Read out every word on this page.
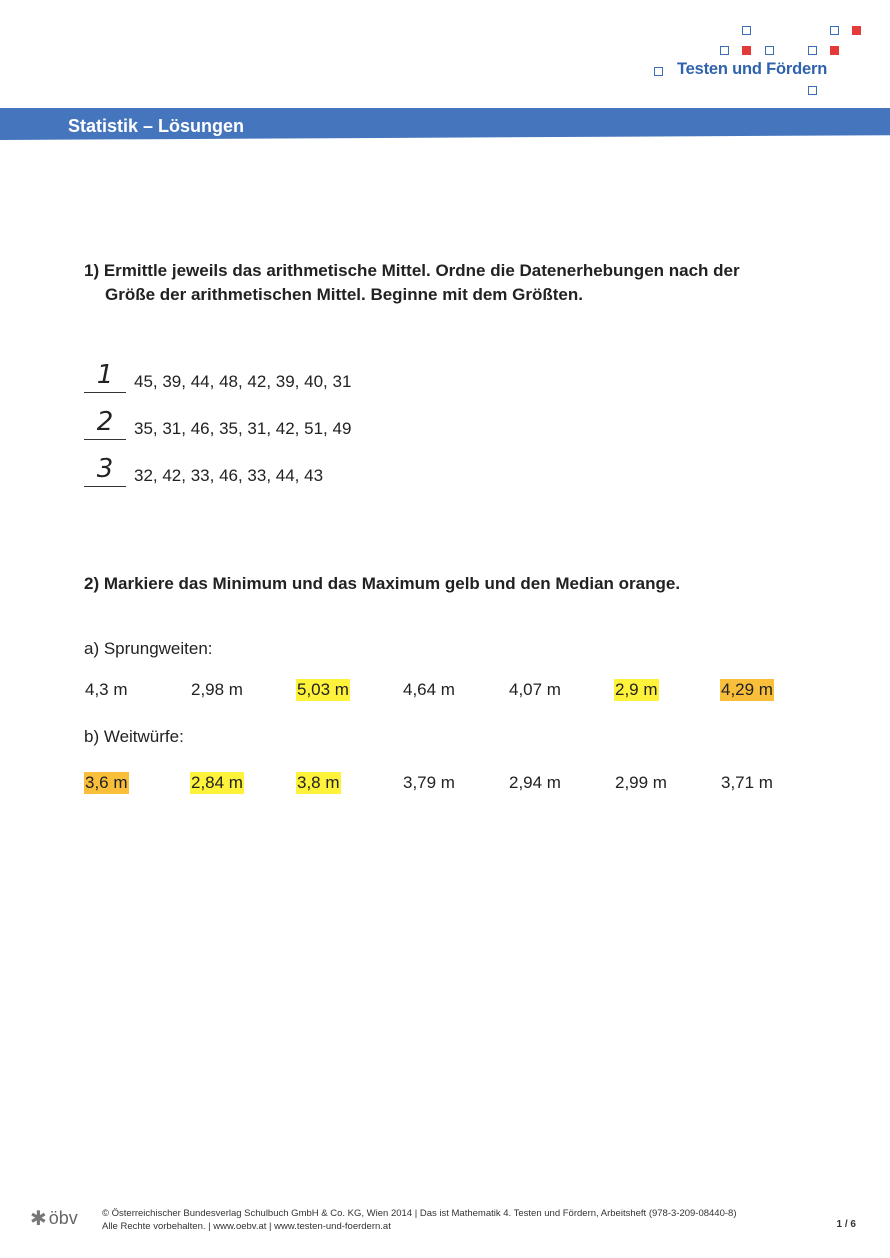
Testen und Fördern
Statistik – Lösungen
1) Ermittle jeweils das arithmetische Mittel. Ordne die Datenerhebungen nach der
Größe der arithmetischen Mittel. Beginne mit dem Größten.
1	45, 39, 44, 48, 42, 39, 40, 31
2	35, 31, 46, 35, 31, 42, 51, 49
3	32, 42, 33, 46, 33, 44, 43
2) Markiere das Minimum und das Maximum gelb und den Median orange.
a) Sprungweiten:
4,3 m	2,98 m	5,03 m	4,64 m	4,07 m	2,9 m	4,29 m
b) Weitwürfe:
3,6 m	2,84 m	3,8 m	3,79 m	2,94 m	2,99 m	3,71 m
✱ öbv	© Österreichischer Bundesverlag Schulbuch GmbH & Co. KG, Wien 2014 | Das ist Mathematik 4. Testen und Fördern, Arbeitsheft (978-3-209-08440-8)
Alle Rechte vorbehalten. | www.oebv.at | www.testen-und-foerdern.at	1 / 6
